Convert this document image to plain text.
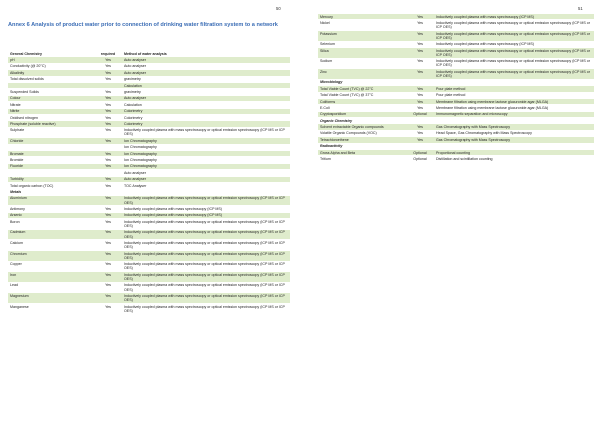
50
Annex 6 Analysis of product water prior to connection of drinking water filtration system to a network
General Chemistry	required	Method of water analysis
pH	Yes	Auto analyser
Conductivity (@ 20°C)	Yes	Auto analyser
Alkalinity	Yes	Auto analyser
Total dissolved solids	Yes	gravimetry
		Calculation
Suspended Solids	Yes	gravimetry
Colour	Yes	Auto analyser
Nitrate	Yes	Calculation
Nitrite	Yes	Colorimetry
Oxidised nitrogen	Yes	Colorimetry
Phosphate (soluble reactive)	Yes	Colorimetry
Sulphate	Yes	Inductively coupled plasma with mass spectroscopy or optical emission spectroscopy (ICP MS or ICP OES)
Chloride	Yes	Ion Chromatography
		Ion Chromatography
Bromate	Yes	Ion Chromatography
Bromide	Yes	Ion Chromatography
Fluoride	Yes	Ion Chromatography
		Auto analyser
Turbidity	Yes	Auto analyser
Total organic carbon (TOC)	Yes	TOC Analyser
Metals		
Aluminium	Yes	Inductively coupled plasma with mass spectroscopy or optical emission spectroscopy (ICP MS or ICP OES)
Antimony	Yes	Inductively coupled plasma with mass spectroscopy (ICP MS)
Arsenic	Yes	Inductively coupled plasma with mass spectroscopy (ICP MS)
Boron	Yes	Inductively coupled plasma with mass spectroscopy or optical emission spectroscopy (ICP MS or ICP OES)
Cadmium	Yes	Inductively coupled plasma with mass spectroscopy or optical emission spectroscopy (ICP MS or ICP OES)
Calcium	Yes	Inductively coupled plasma with mass spectroscopy or optical emission spectroscopy (ICP MS or ICP OES)
Chromium	Yes	Inductively coupled plasma with mass spectroscopy or optical emission spectroscopy (ICP MS or ICP OES)
Copper	Yes	Inductively coupled plasma with mass spectroscopy or optical emission spectroscopy (ICP MS or ICP OES)
Iron	Yes	Inductively coupled plasma with mass spectroscopy or optical emission spectroscopy (ICP MS or ICP OES)
Lead	Yes	Inductively coupled plasma with mass spectroscopy or optical emission spectroscopy (ICP MS or ICP OES)
Magnesium	Yes	Inductively coupled plasma with mass spectroscopy or optical emission spectroscopy (ICP MS or ICP OES)
Manganese	Yes	Inductively coupled plasma with mass spectroscopy or optical emission spectroscopy (ICP MS or ICP OES)
51
Mercury	Yes	Inductively coupled plasma with mass spectroscopy (ICP MS)
Nickel	Yes	Inductively coupled plasma with mass spectroscopy or optical emission spectroscopy (ICP MS or ICP OES)
Potassium	Yes	Inductively coupled plasma with mass spectroscopy or optical emission spectroscopy (ICP MS or ICP OES)
Selenium	Yes	Inductively coupled plasma with mass spectroscopy (ICP MS)
Silica	Yes	Inductively coupled plasma with mass spectroscopy or optical emission spectroscopy (ICP MS or ICP OES)
Sodium	Yes	Inductively coupled plasma with mass spectroscopy or optical emission spectroscopy (ICP MS or ICP OES)
Zinc	Yes	Inductively coupled plasma with mass spectroscopy or optical emission spectroscopy (ICP MS or ICP OES)
Microbiology		
Total Viable Count (TVC) @ 22°C	Yes	Pour plate method
Total Viable Count (TVC) @ 37°C	Yes	Pour plate method
Coliforms	Yes	Membrane filtration using membrane lactose glucuronide agar (MLGA)
E.Coli	Yes	Membrane filtration using membrane lactose glucuronide agar (MLGA)
Cryptosporidium	Optional	Immunomagnetic separation and microscopy
Organic Chemistry		
Solvent extractable Organic compounds	Yes	Gas Chromatography with Mass Spectroscopy
Volatile Organic Compounds (VOC)	Yes	Head Space, Gas Chromatography with Mass Spectroscopy
Tetrachloroethene	Yes	Gas Chromatography with Mass Spectroscopy
Radioactivity		
Gross Alpha and Beta	Optional	Proportional counting
Tritium	Optional	Distillation and scintillation counting
